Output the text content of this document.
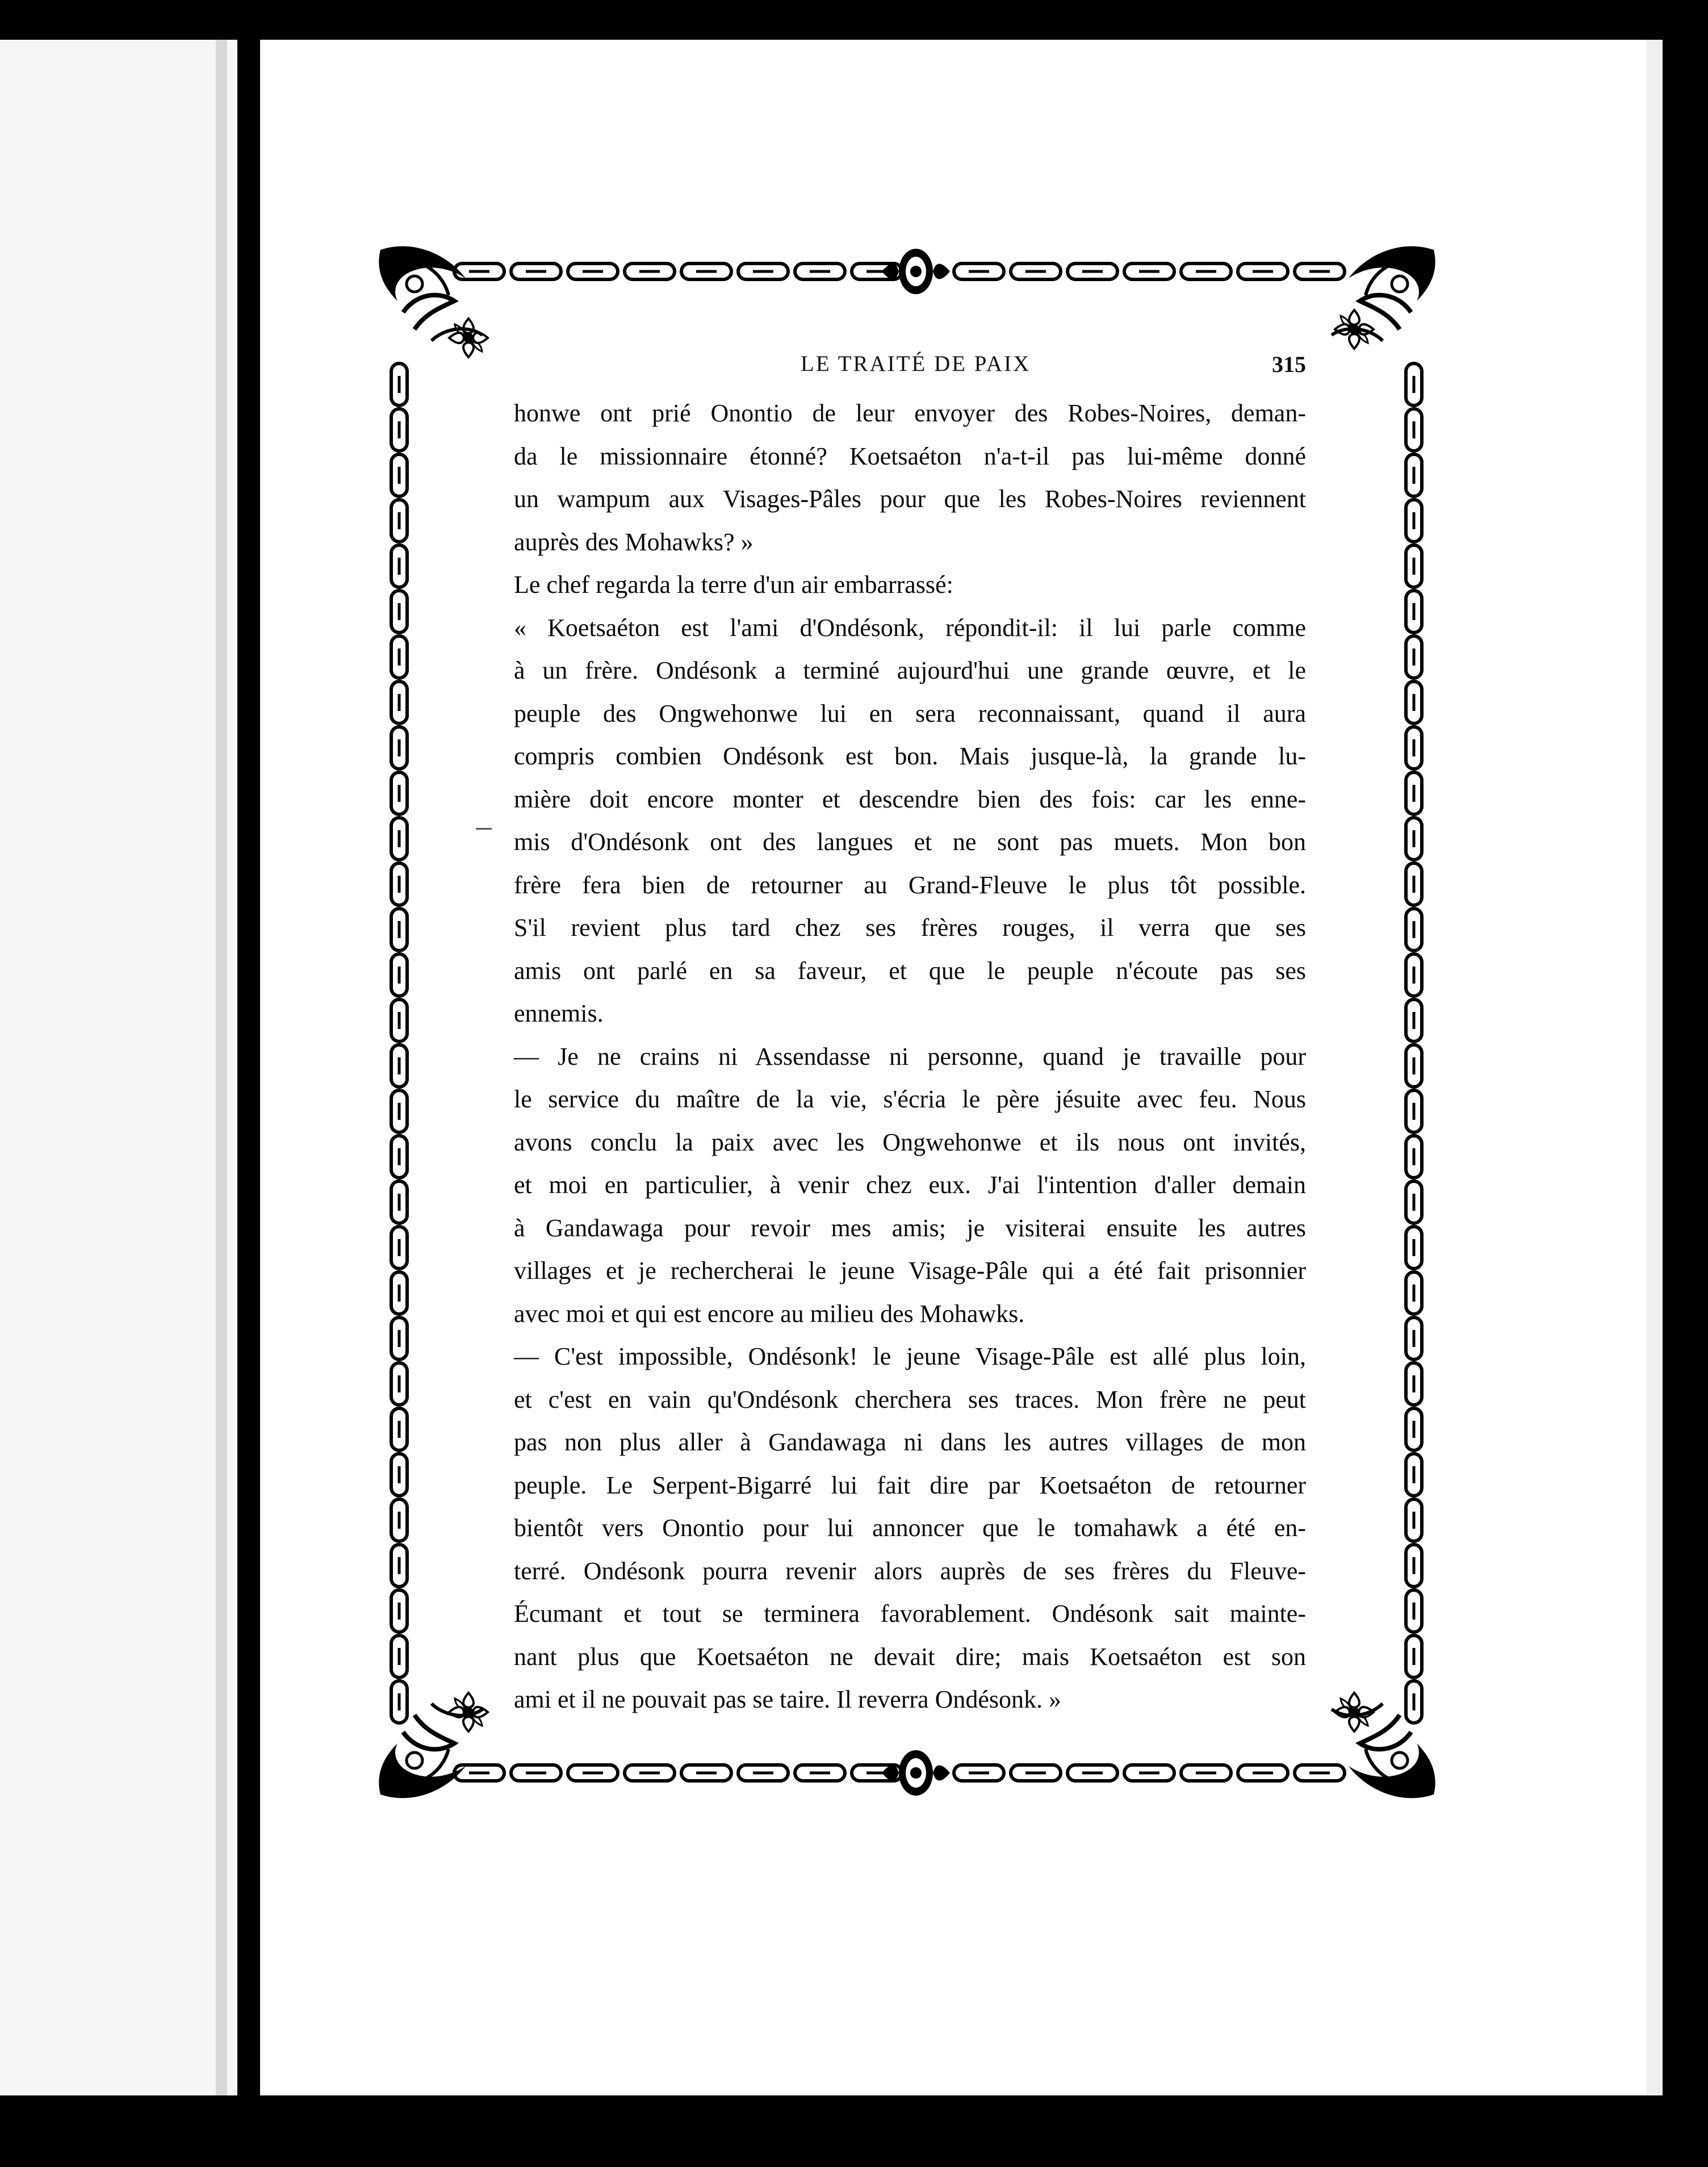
LE TRAITÉ DE PAIX	315
honwe ont prié Onontio de leur envoyer des Robes-Noires, deman-
da le missionnaire étonné? Koetsaéton n'a-t-il pas lui-même donné
un wampum aux Visages-Pâles pour que les Robes-Noires reviennent
auprès des Mohawks? »
Le chef regarda la terre d'un air embarrassé:
« Koetsaéton est l'ami d'Ondésonk, répondit-il: il lui parle comme
à un frère. Ondésonk a terminé aujourd'hui une grande œuvre, et le
peuple des Ongwehonwe lui en sera reconnaissant, quand il aura
compris combien Ondésonk est bon. Mais jusque-là, la grande lu-
mière doit encore monter et descendre bien des fois: car les enne-
mis d'Ondésonk ont des langues et ne sont pas muets. Mon bon
frère fera bien de retourner au Grand-Fleuve le plus tôt possible.
S'il revient plus tard chez ses frères rouges, il verra que ses
amis ont parlé en sa faveur, et que le peuple n'écoute pas ses
ennemis.
— Je ne crains ni Assendasse ni personne, quand je travaille pour
le service du maître de la vie, s'écria le père jésuite avec feu. Nous
avons conclu la paix avec les Ongwehonwe et ils nous ont invités,
et moi en particulier, à venir chez eux. J'ai l'intention d'aller demain
à Gandawaga pour revoir mes amis; je visiterai ensuite les autres
villages et je rechercherai le jeune Visage-Pâle qui a été fait prisonnier
avec moi et qui est encore au milieu des Mohawks.
— C'est impossible, Ondésonk! le jeune Visage-Pâle est allé plus loin,
et c'est en vain qu'Ondésonk cherchera ses traces. Mon frère ne peut
pas non plus aller à Gandawaga ni dans les autres villages de mon
peuple. Le Serpent-Bigarré lui fait dire par Koetsaéton de retourner
bientôt vers Onontio pour lui annoncer que le tomahawk a été en-
terré. Ondésonk pourra revenir alors auprès de ses frères du Fleuve-
Écumant et tout se terminera favorablement. Ondésonk sait mainte-
nant plus que Koetsaéton ne devait dire; mais Koetsaéton est son
ami et il ne pouvait pas se taire. Il reverra Ondésonk. »
